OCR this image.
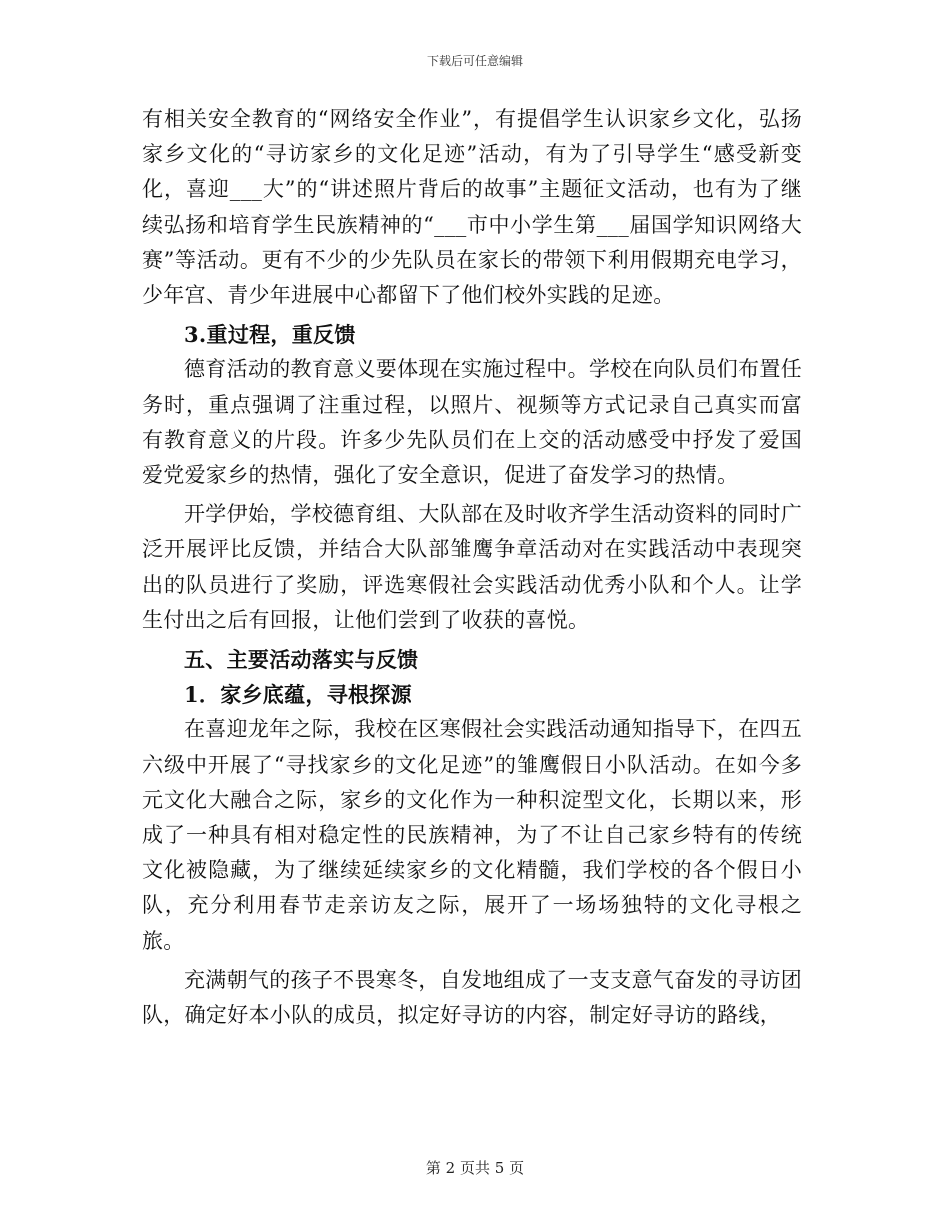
下载后可任意编辑

有相关安全教育的“网络安全作业”，有提倡学生认识家乡文化，弘扬家乡文化的“寻访家乡的文化足迹”活动，有为了引导学生“感受新变化，喜迎___大”的“讲述照片背后的故事”主题征文活动，也有为了继续弘扬和培育学生民族精神的“___市中小学生第___届国学知识网络大赛”等活动。更有不少的少先队员在家长的带领下利用假期充电学习，少年宫、青少年进展中心都留下了他们校外实践的足迹。

3.重过程，重反馈

德育活动的教育意义要体现在实施过程中。学校在向队员们布置任务时，重点强调了注重过程，以照片、视频等方式记录自己真实而富有教育意义的片段。许多少先队员们在上交的活动感受中抒发了爱国爱党爱家乡的热情，强化了安全意识，促进了奋发学习的热情。

开学伊始，学校德育组、大队部在及时收齐学生活动资料的同时广泛开展评比反馈，并结合大队部雏鹰争章活动对在实践活动中表现突出的队员进行了奖励，评选寒假社会实践活动优秀小队和个人。让学生付出之后有回报，让他们尝到了收获的喜悦。

五、主要活动落实与反馈

1．家乡底蕴，寻根探源

在喜迎龙年之际，我校在区寒假社会实践活动通知指导下，在四五六级中开展了“寻找家乡的文化足迹”的雏鹰假日小队活动。在如今多元文化大融合之际，家乡的文化作为一种积淀型文化，长期以来，形成了一种具有相对稳定性的民族精神，为了不让自己家乡特有的传统文化被隐藏，为了继续延续家乡的文化精髓，我们学校的各个假日小队，充分利用春节走亲访友之际，展开了一场场独特的文化寻根之旅。

充满朝气的孩子不畏寒冬，自发地组成了一支支意气奋发的寻访团队，确定好本小队的成员，拟定好寻访的内容，制定好寻访的路线，

第 2 页共 5 页
